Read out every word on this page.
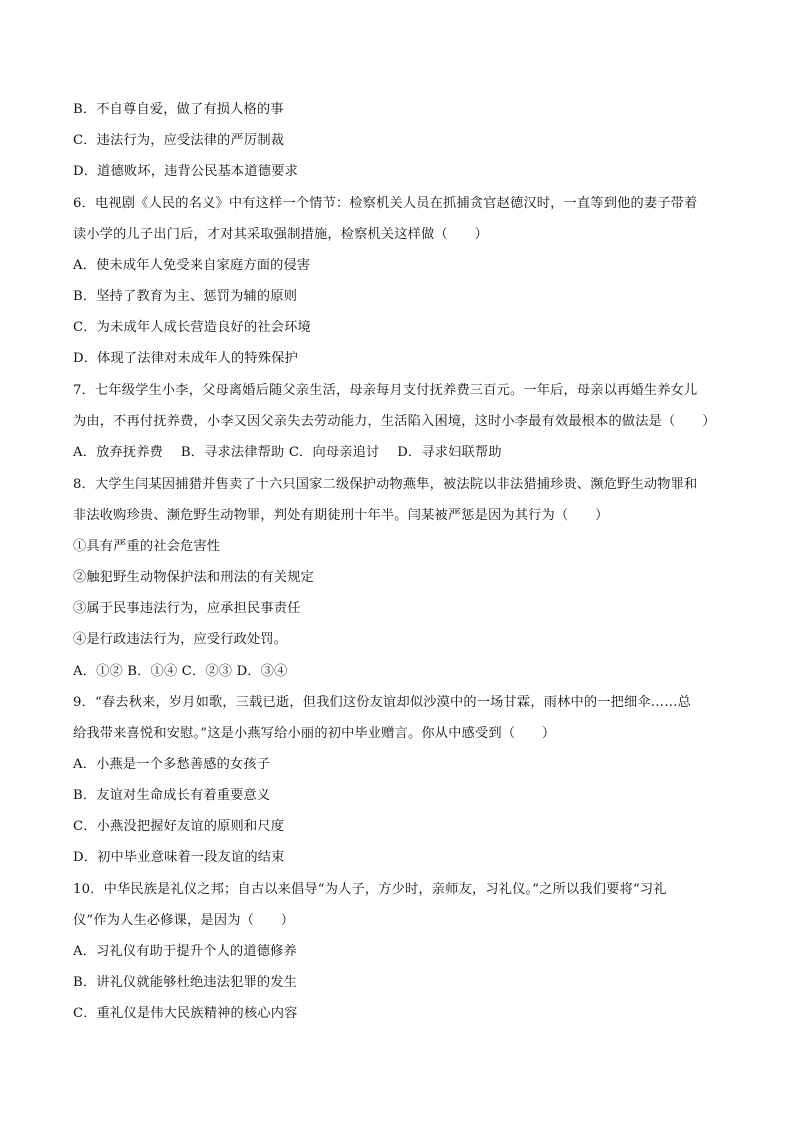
B．不自尊自爱，做了有损人格的事
C．违法行为，应受法律的严厉制裁
D．道德败坏，违背公民基本道德要求
6．电视剧《人民的名义》中有这样一个情节：检察机关人员在抓捕贪官赵德汉时，一直等到他的妻子带着
读小学的儿子出门后，才对其采取强制措施，检察机关这样做（　　）
A．使未成年人免受来自家庭方面的侵害
B．坚持了教育为主、惩罚为辅的原则
C．为未成年人成长营造良好的社会环境
D．体现了法律对未成年人的特殊保护
7．七年级学生小李，父母离婚后随父亲生活，母亲每月支付抚养费三百元。一年后，母亲以再婚生养女儿
为由，不再付抚养费，小李又因父亲失去劳动能力，生活陷入困境，这时小李最有效最根本的做法是（　　）
A．放弃抚养费　 B．寻求法律帮助 C．向母亲追讨　 D．寻求妇联帮助
8．大学生闫某因捕猎并售卖了十六只国家二级保护动物燕隼，被法院以非法猎捕珍贵、濒危野生动物罪和
非法收购珍贵、濒危野生动物罪，判处有期徒刑十年半。闫某被严惩是因为其行为（　　）
①具有严重的社会危害性
②触犯野生动物保护法和刑法的有关规定
③属于民事违法行为，应承担民事责任
④是行政违法行为，应受行政处罚。
A．①② B．①④ C．②③ D．③④
9．“春去秋来，岁月如歌，三载已逝，但我们这份友谊却似沙漠中的一场甘霖，雨林中的一把细伞……总
给我带来喜悦和安慰。”这是小燕写给小丽的初中毕业赠言。你从中感受到（　　）
A．小燕是一个多愁善感的女孩子
B．友谊对生命成长有着重要意义
C．小燕没把握好友谊的原则和尺度
D．初中毕业意味着一段友谊的结束
10．中华民族是礼仪之邦；自古以来倡导“为人子，方少时，亲师友，习礼仪。”之所以我们要将“习礼
仪”作为人生必修课，是因为（　　）
A．习礼仪有助于提升个人的道德修养
B．讲礼仪就能够杜绝违法犯罪的发生
C．重礼仪是伟大民族精神的核心内容
